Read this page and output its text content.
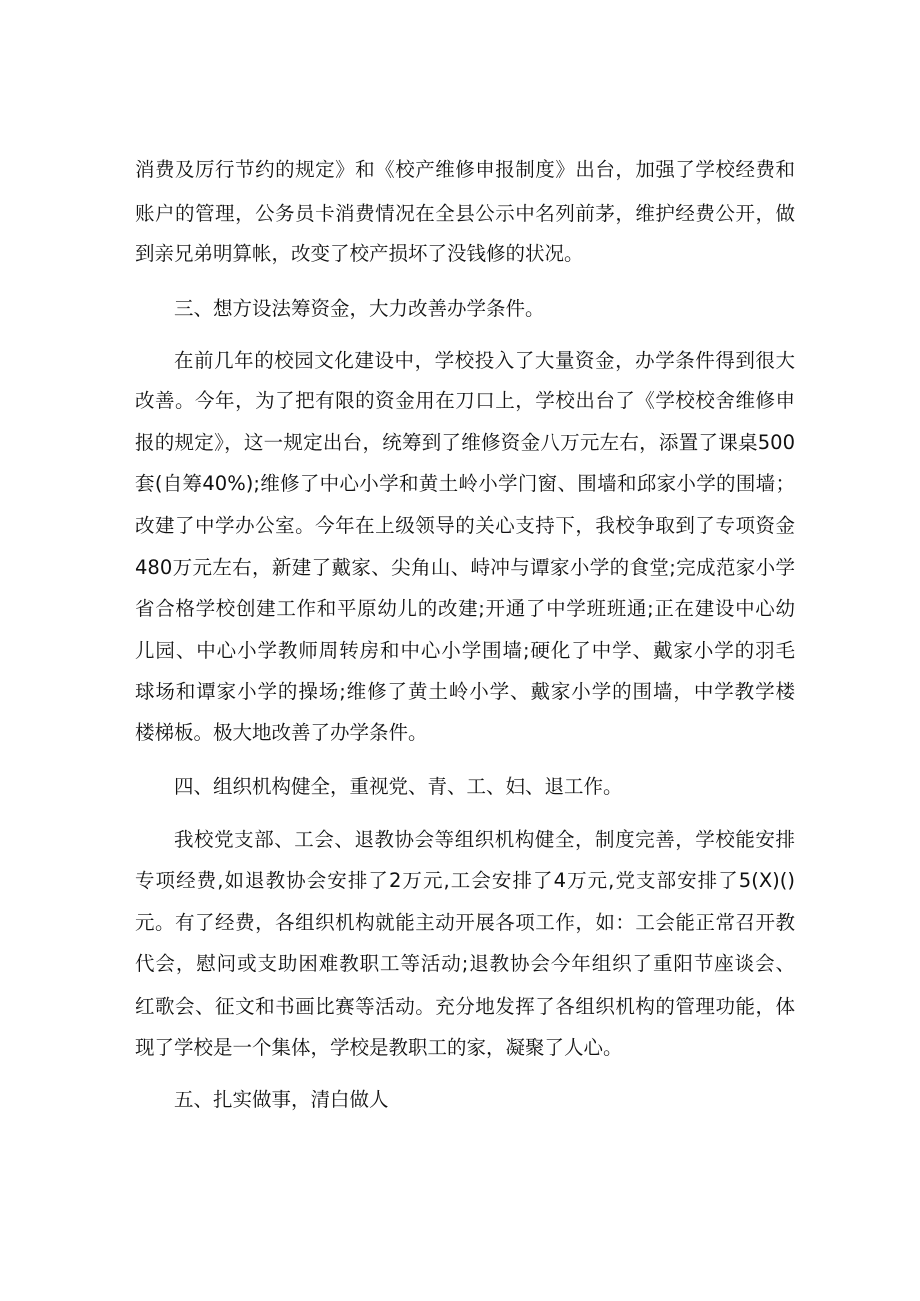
消费及厉行节约的规定》和《校产维修申报制度》出台，加强了学校经费和
账户的管理，公务员卡消费情况在全县公示中名列前茅，维护经费公开，做
到亲兄弟明算帐，改变了校产损坏了没钱修的状况。
三、想方设法筹资金，大力改善办学条件。
在前几年的校园文化建设中，学校投入了大量资金，办学条件得到很大
改善。今年，为了把有限的资金用在刀口上，学校出台了《学校校舍维修申
报的规定》，这一规定出台，统筹到了维修资金八万元左右，添置了课桌500
套(自筹40%);维修了中心小学和黄土岭小学门窗、围墙和邱家小学的围墙；
改建了中学办公室。今年在上级领导的关心支持下，我校争取到了专项资金
480万元左右，新建了戴家、尖角山、峙冲与谭家小学的食堂;完成范家小学
省合格学校创建工作和平原幼儿的改建;开通了中学班班通;正在建设中心幼
儿园、中心小学教师周转房和中心小学围墙;硬化了中学、戴家小学的羽毛
球场和谭家小学的操场;维修了黄土岭小学、戴家小学的围墙，中学教学楼
楼梯板。极大地改善了办学条件。
四、组织机构健全，重视党、青、工、妇、退工作。
我校党支部、工会、退教协会等组织机构健全，制度完善，学校能安排
专项经费,如退教协会安排了2万元,工会安排了4万元,党支部安排了5(X)()
元。有了经费，各组织机构就能主动开展各项工作，如：工会能正常召开教
代会，慰问或支助困难教职工等活动;退教协会今年组织了重阳节座谈会、
红歌会、征文和书画比赛等活动。充分地发挥了各组织机构的管理功能，体
现了学校是一个集体，学校是教职工的家，凝聚了人心。
五、扎实做事，清白做人
